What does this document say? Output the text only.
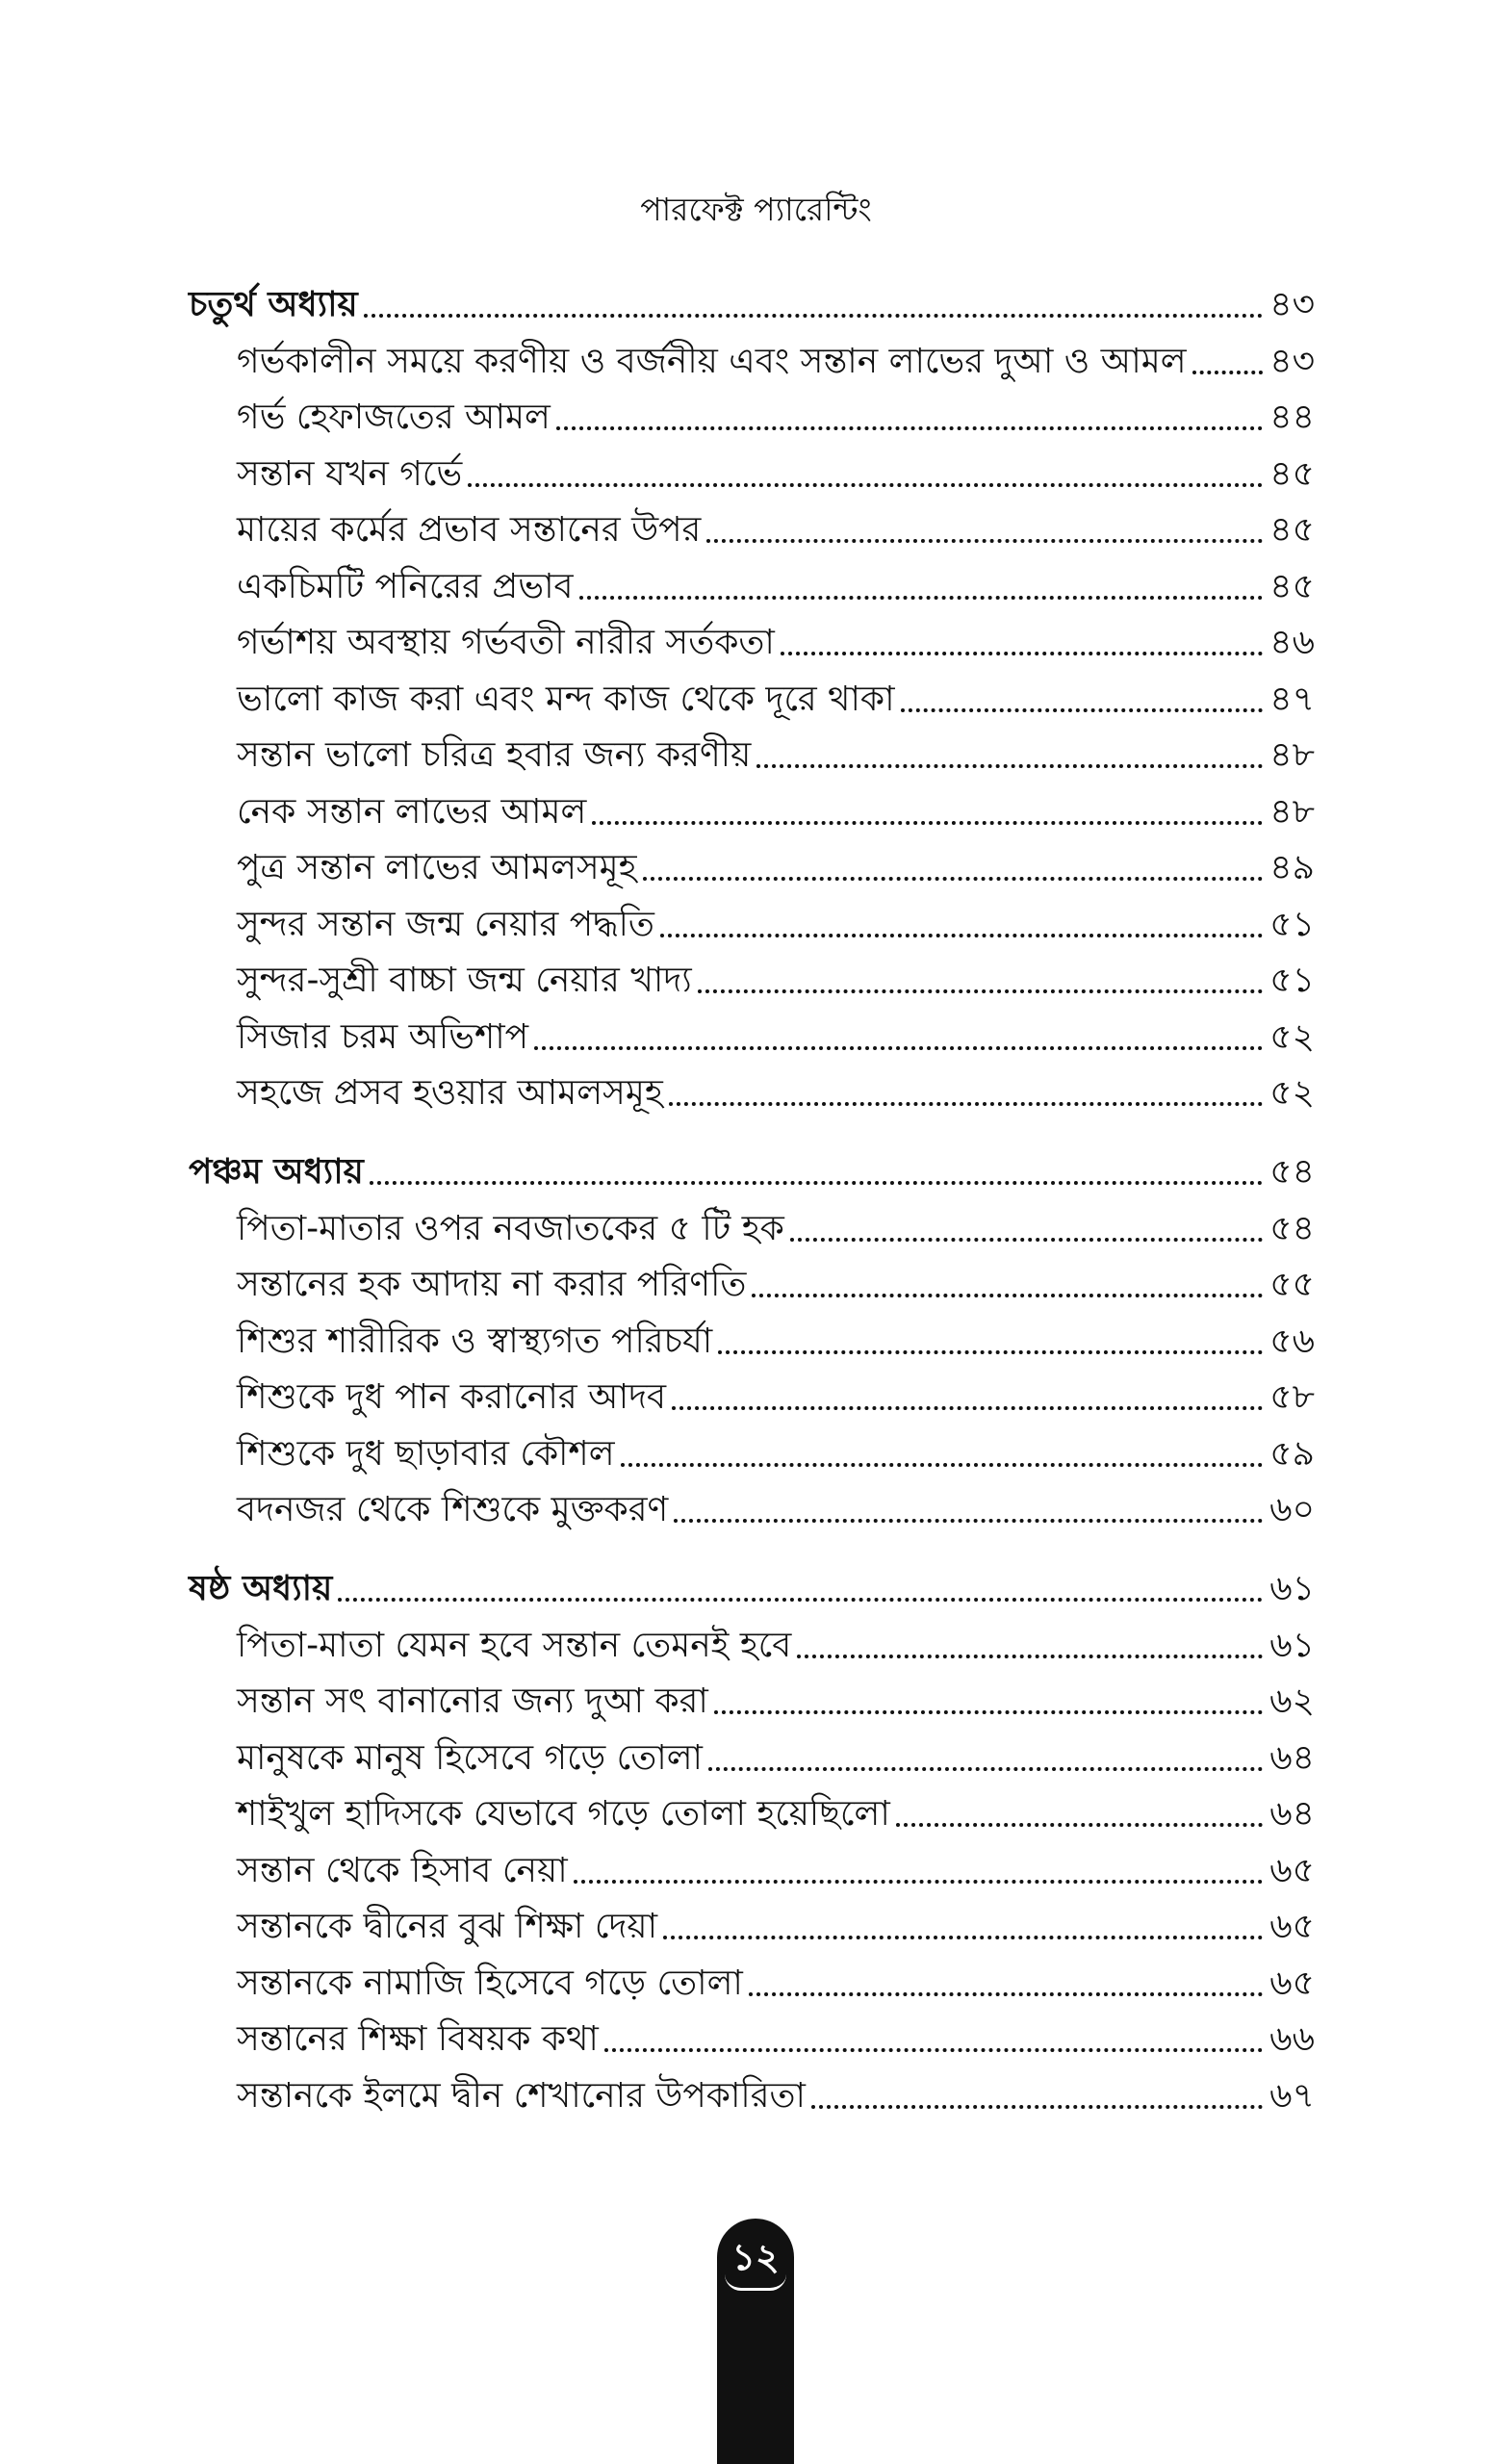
পারফেক্ট প্যারেন্টিং
চতুর্থ অধ্যায়	৪৩
গর্ভকালীন সময়ে করণীয় ও বর্জনীয় এবং সন্তান লাভের দুআ ও আমল ৪৩
গর্ভ হেফাজতের আমল	৪৪
সন্তান যখন গর্ভে	৪৫
মায়ের কর্মের প্রভাব সন্তানের উপর	৪৫
একচিমটি পনিরের প্রভাব	৪৫
গর্ভাশয় অবস্থায় গর্ভবতী নারীর সর্তকতা	৪৬
ভালো কাজ করা এবং মন্দ কাজ থেকে দূরে থাকা	৪৭
সন্তান ভালো চরিত্র হবার জন্য করণীয়	৪৮
নেক সন্তান লাভের আমল	৪৮
পুত্র সন্তান লাভের আমলসমূহ	৪৯
সুন্দর সন্তান জন্ম নেয়ার পদ্ধতি	৫১
সুন্দর-সুশ্রী বাচ্চা জন্ম নেয়ার খাদ্য	৫১
সিজার চরম অভিশাপ	৫২
সহজে প্রসব হওয়ার আমলসমূহ	৫২
পঞ্চম অধ্যায়	৫৪
পিতা-মাতার ওপর নবজাতকের ৫ টি হক	৫৪
সন্তানের হক আদায় না করার পরিণতি	৫৫
শিশুর শারীরিক ও স্বাস্থ্যগত পরিচর্যা	৫৬
শিশুকে দুধ পান করানোর আদব	৫৮
শিশুকে দুধ ছাড়াবার কৌশল	৫৯
বদনজর থেকে শিশুকে মুক্তকরণ	৬০
ষষ্ঠ অধ্যায়	৬১
পিতা-মাতা যেমন হবে সন্তান তেমনই হবে	৬১
সন্তান সৎ বানানোর জন্য দুআ করা	৬২
মানুষকে মানুষ হিসেবে গড়ে তোলা	৬৪
শাইখুল হাদিসকে যেভাবে গড়ে তোলা হয়েছিলো	৬৪
সন্তান থেকে হিসাব নেয়া	৬৫
সন্তানকে দ্বীনের বুঝ শিক্ষা দেয়া	৬৫
সন্তানকে নামাজি হিসেবে গড়ে তোলা	৬৫
সন্তানের শিক্ষা বিষয়ক কথা	৬৬
সন্তানকে ইলমে দ্বীন শেখানোর উপকারিতা	৬৭
১২
